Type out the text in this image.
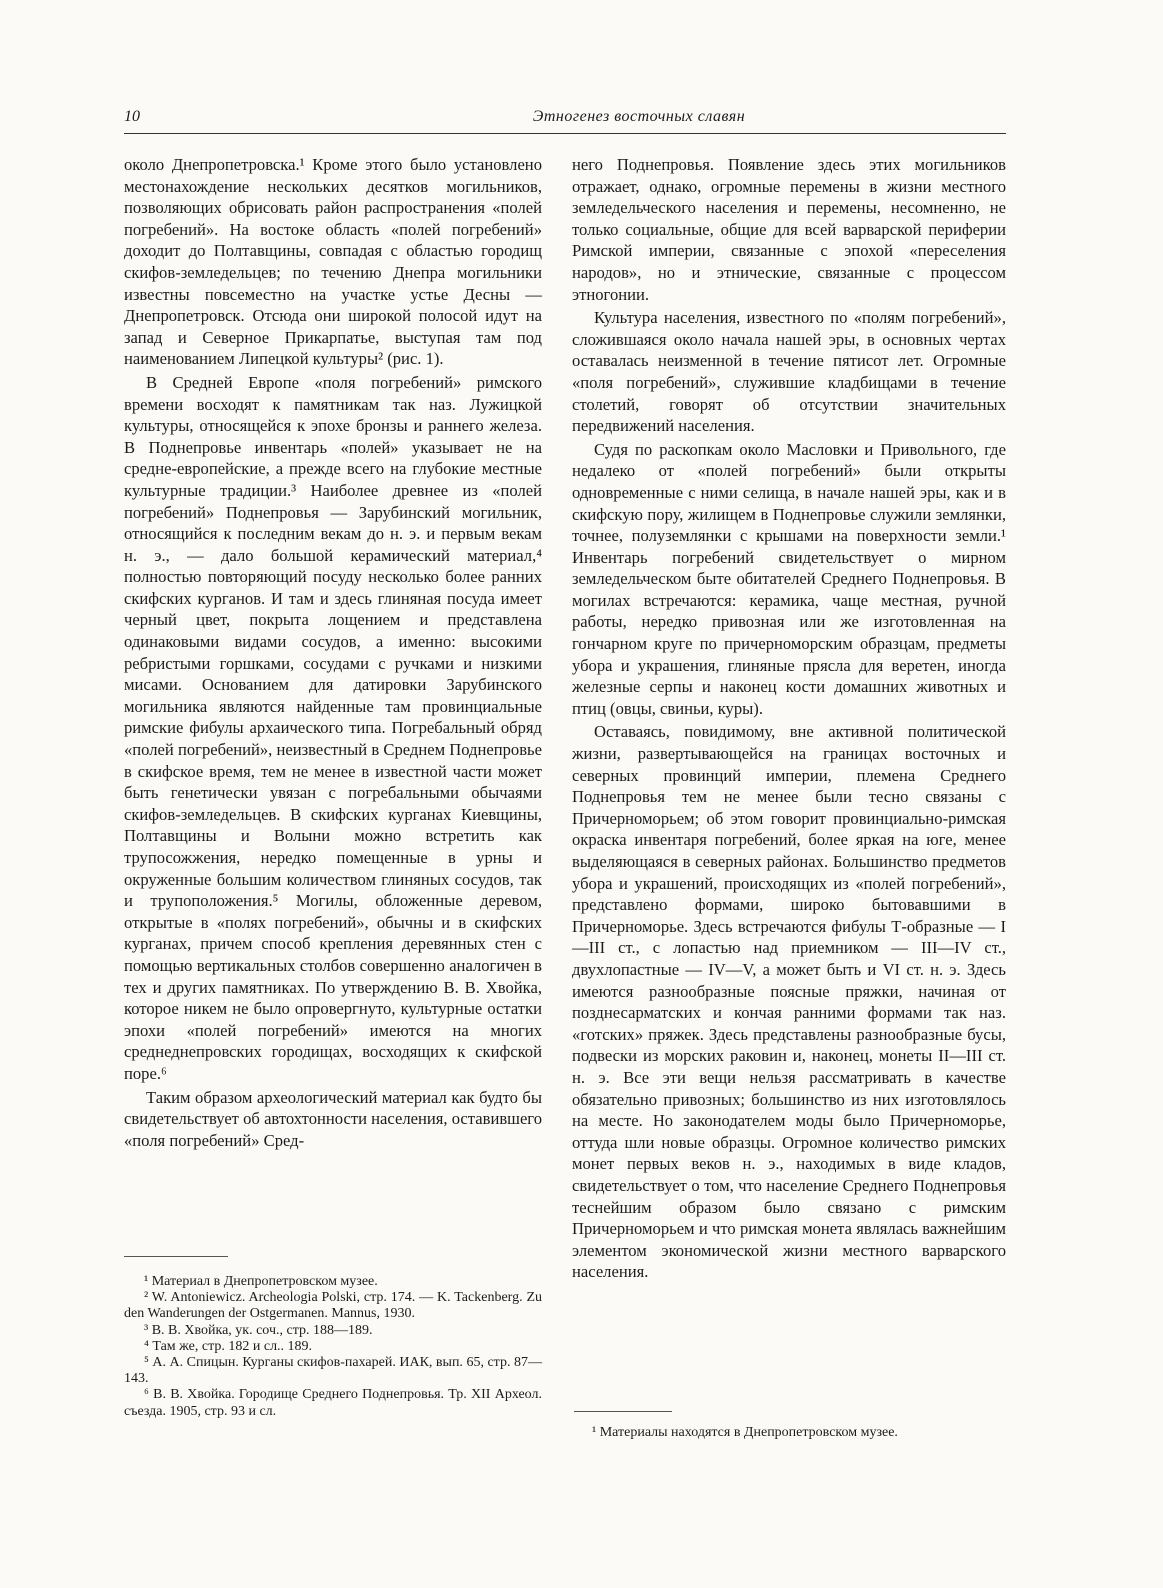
10	Этногенез восточных славян

около Днепропетровска.¹ Кроме этого было установлено местонахождение нескольких десятков могильников, позволяющих обрисовать район распространения «полей погребений». На востоке область «полей погребений» доходит до Полтавщины, совпадая с областью городищ скифов-земледельцев; по течению Днепра могильники известны повсеместно на участке устье Десны — Днепропетровск. Отсюда они широкой полосой идут на запад и Северное Прикарпатье, выступая там под наименованием Липецкой культуры² (рис. 1).

В Средней Европе «поля погребений» римского времени восходят к памятникам так наз. Лужицкой культуры, относящейся к эпохе бронзы и раннего железа. В Поднепровье инвентарь «полей» указывает не на средне-европейские, а прежде всего на глубокие местные культурные традиции.³ Наиболее древнее из «полей погребений» Поднепровья — Зарубинский могильник, относящийся к последним векам до н. э. и первым векам н. э., — дало большой керамический материал,⁴ полностью повторяющий посуду несколько более ранних скифских курганов. И там и здесь глиняная посуда имеет черный цвет, покрыта лощением и представлена одинаковыми видами сосудов, а именно: высокими ребристыми горшками, сосудами с ручками и низкими мисами. Основанием для датировки Зарубинского могильника являются найденные там провинциальные римские фибулы архаического типа. Погребальный обряд «полей погребений», неизвестный в Среднем Поднепровье в скифское время, тем не менее в известной части может быть генетически увязан с погребальными обычаями скифов-земледельцев. В скифских курганах Киевщины, Полтавщины и Волыни можно встретить как трупосожжения, нередко помещенные в урны и окруженные большим количеством глиняных сосудов, так и трупоположения.⁵ Могилы, обложенные деревом, открытые в «полях погребений», обычны и в скифских курганах, причем способ крепления деревянных стен с помощью вертикальных столбов совершенно аналогичен в тех и других памятниках. По утверждению В. В. Хвойка, которое никем не было опровергнуто, культурные остатки эпохи «полей погребений» имеются на многих среднеднепровских городищах, восходящих к скифской поре.⁶

Таким образом археологический материал как будто бы свидетельствует об автохтонности населения, оставившего «поля погребений» Сред-

него Поднепровья. Появление здесь этих могильников отражает, однако, огромные перемены в жизни местного земледельческого населения и перемены, несомненно, не только социальные, общие для всей варварской периферии Римской империи, связанные с эпохой «переселения народов», но и этнические, связанные с процессом этногонии.

Культура населения, известного по «полям погребений», сложившаяся около начала нашей эры, в основных чертах оставалась неизменной в течение пятисот лет. Огромные «поля погребений», служившие кладбищами в течение столетий, говорят об отсутствии значительных передвижений населения.

Судя по раскопкам около Масловки и Привольного, где недалеко от «полей погребений» были открыты одновременные с ними селища, в начале нашей эры, как и в скифскую пору, жилищем в Поднепровье служили землянки, точнее, полуземлянки с крышами на поверхности земли.¹ Инвентарь погребений свидетельствует о мирном земледельческом быте обитателей Среднего Поднепровья. В могилах встречаются: керамика, чаще местная, ручной работы, нередко привозная или же изготовленная на гончарном круге по причерноморским образцам, предметы убора и украшения, глиняные пряслa для веретен, иногда железные серпы и наконец кости домашних животных и птиц (овцы, свиньи, куры).

Оставаясь, повидимому, вне активной политической жизни, развертывающейся на границах восточных и северных провинций империи, племена Среднего Поднепровья тем не менее были тесно связаны с Причерноморьем; об этом говорит провинциально-римская окраска инвентаря погребений, более яркая на юге, менее выделяющаяся в северных районах. Большинство предметов убора и украшений, происходящих из «полей погребений», представлено формами, широко бытовавшими в Причерноморье. Здесь встречаются фибулы Т-образные — I—III ст., с лопастью над приемником — III—IV ст., двухлопастные — IV—V, а может быть и VI ст. н. э. Здесь имеются разнообразные поясные пряжки, начиная от позднесарматских и кончая ранними формами так наз. «готских» пряжек. Здесь представлены разнообразные бусы, подвески из морских раковин и, наконец, монеты II—III ст. н. э. Все эти вещи нельзя рассматривать в качестве обязательно привозных; большинство из них изготовлялось на месте. Но законодателем моды было Причерноморье, оттуда шли новые образцы. Огромное количество римских монет первых веков н. э., находимых в виде кладов, свидетельствует о том, что население Среднего Поднепровья теснейшим образом было связано с римским Причерноморьем и что римская монета являлась важнейшим элементом экономической жизни местного варварского населения.

¹ Материал в Днепропетровском музее.

² W. Antoniewicz. Archeologia Polski, стр. 174. — K. Tackenberg. Zu den Wanderungen der Ostgermanen. Mannus, 1930.

³ В. В. Хвойка, ук. соч., стр. 188—189.

⁴ Там же, стр. 182 и сл.. 189.

⁵ А. А. Спицын. Курганы скифов-пахарей. ИАК, вып. 65, стр. 87—143.

⁶ В. В. Хвойка. Городище Среднего Поднепровья. Тр. XII Археол. съезда. 1905, стр. 93 и сл.

¹ Материалы находятся в Днепропетровском музее.
